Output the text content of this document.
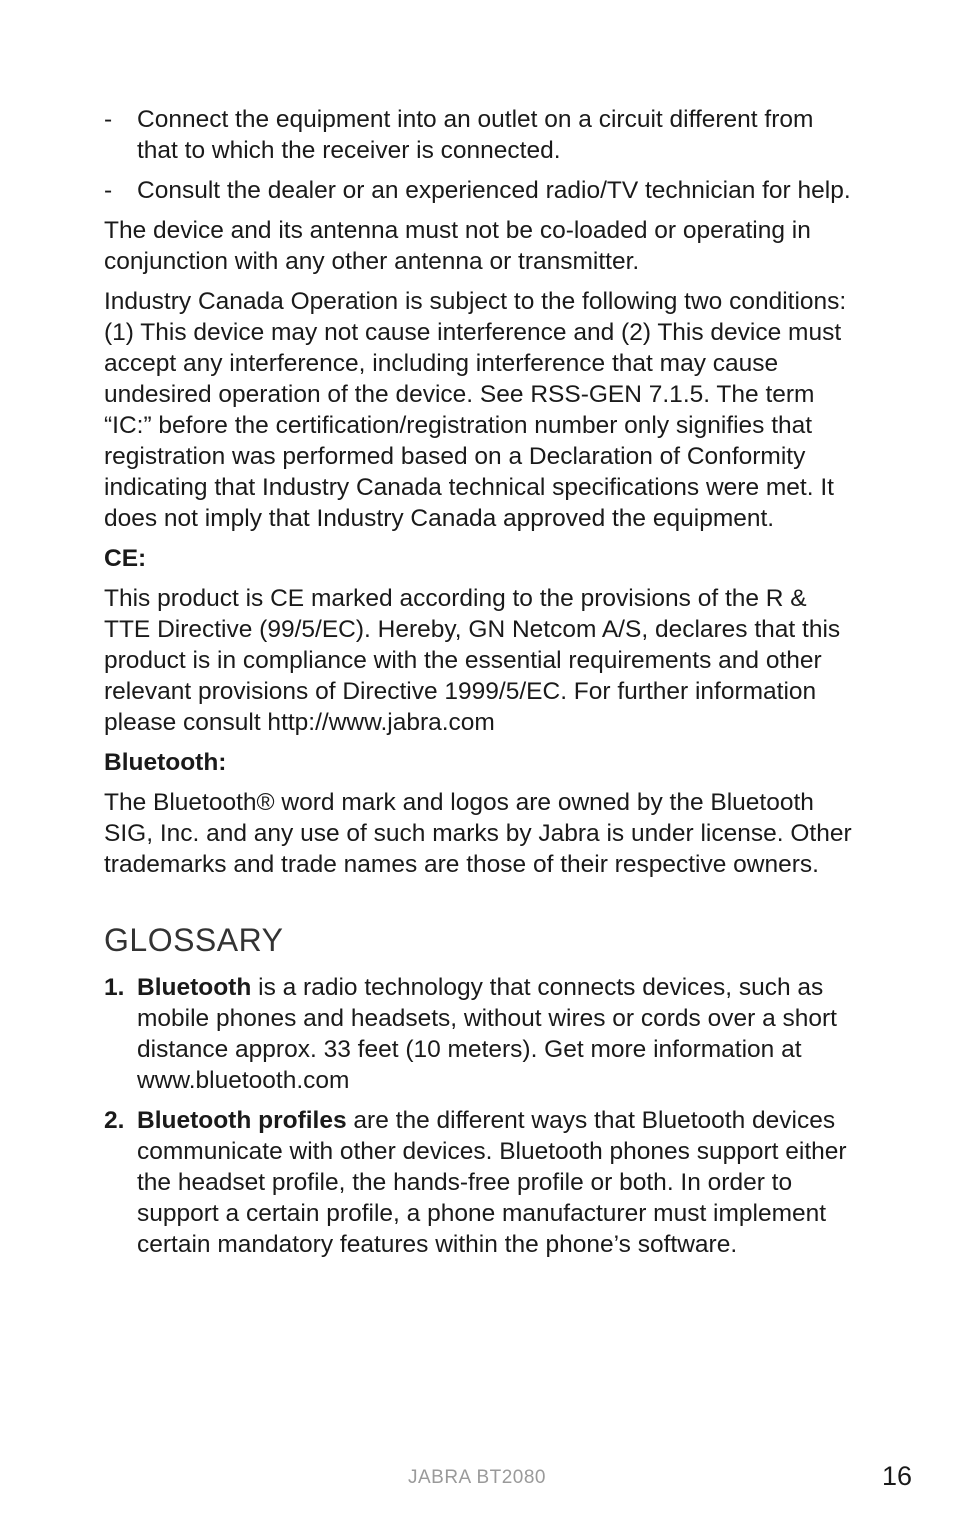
-	Connect the equipment into an outlet on a circuit different from that to which the receiver is connected.
-	Consult the dealer or an experienced radio/TV technician for help.

The device and its antenna must not be co-loaded or operating in conjunction with any other antenna or transmitter.

Industry Canada Operation is subject to the following two conditions: (1) This device may not cause interference and (2) This device must accept any interference, including interference that may cause undesired operation of the device. See RSS-GEN 7.1.5. The term “IC:” before the certification/registration number only signifies that registration was performed based on a Declaration of Conformity indicating that Industry Canada technical specifications were met. It does not imply that Industry Canada approved the equipment.

CE:

This product is CE marked according to the provisions of the R & TTE Directive (99/5/EC). Hereby, GN Netcom A/S, declares that this product is in compliance with the essential requirements and other relevant provisions of Directive 1999/5/EC. For further information please consult http://www.jabra.com

Bluetooth:

The Bluetooth® word mark and logos are owned by the Bluetooth SIG, Inc. and any use of such marks by Jabra is under license. Other trademarks and trade names are those of their respective owners.

GLOSSARY
1. Bluetooth is a radio technology that connects devices, such as mobile phones and headsets, without wires or cords over a short distance approx. 33 feet (10 meters). Get more information at www.bluetooth.com
2. Bluetooth profiles are the different ways that Bluetooth devices communicate with other devices. Bluetooth phones support either the headset profile, the hands-free profile or both. In order to support a certain profile, a phone manufacturer must implement certain mandatory features within the phone’s software.
JABRA BT2080	16
